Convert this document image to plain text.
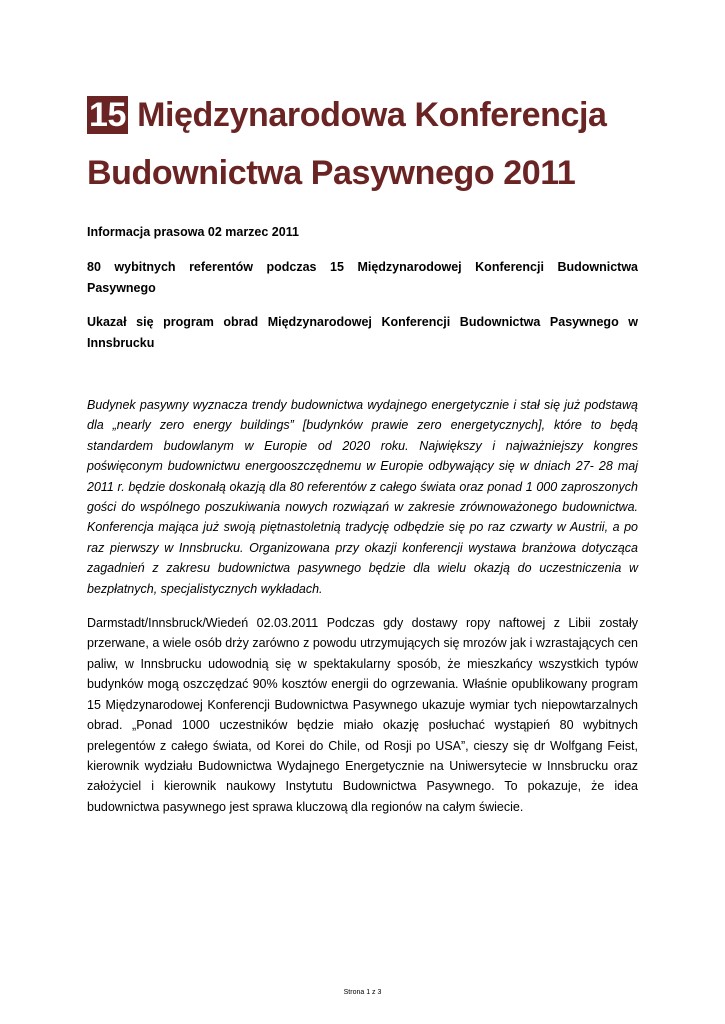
15 Międzynarodowa Konferencja Budownictwa Pasywnego 2011

Informacja prasowa 02 marzec 2011

80 wybitnych referentów podczas 15 Międzynarodowej Konferencji Budownictwa Pasywnego

Ukazał się program obrad Międzynarodowej Konferencji Budownictwa Pasywnego w Innsbrucku

Budynek pasywny wyznacza trendy budownictwa wydajnego energetycznie i stał się już podstawą dla „nearly zero energy buildings” [budynków prawie zero energetycznych], które to będą standardem budowlanym w Europie od 2020 roku. Największy i najważniejszy kongres poświęconym budownictwu energooszczędnemu w Europie odbywający się w dniach 27- 28 maj 2011 r. będzie doskonałą okazją dla 80 referentów z całego świata oraz ponad 1 000 zaproszonych gości do wspólnego poszukiwania nowych rozwiązań w zakresie zrównoważonego budownictwa. Konferencja mająca już swoją piętnastoletnią tradycję odbędzie się po raz czwarty w Austrii, a po raz pierwszy w Innsbrucku. Organizowana przy okazji konferencji wystawa branżowa dotycząca zagadnień z zakresu budownictwa pasywnego będzie dla wielu okazją do uczestniczenia w bezpłatnych, specjalistycznych wykładach.

Darmstadt/Innsbruck/Wiedeń 02.03.2011 Podczas gdy dostawy ropy naftowej z Libii zostały przerwane, a wiele osób drży zarówno z powodu utrzymujących się mrozów jak i wzrastających cen paliw, w Innsbrucku udowodnią się w spektakularny sposób, że mieszkańcy wszystkich typów budynków mogą oszczędzać 90% kosztów energii do ogrzewania. Właśnie opublikowany program 15 Międzynarodowej Konferencji Budownictwa Pasywnego ukazuje wymiar tych niepowtarzalnych obrad. „Ponad 1000 uczestników będzie miało okazję posłuchać wystąpień 80 wybitnych prelegentów z całego świata, od Korei do Chile, od Rosji po USA”, cieszy się dr Wolfgang Feist, kierownik wydziału Budownictwa Wydajnego Energetycznie na Uniwersytecie w Innsbrucku oraz założyciel i kierownik naukowy Instytutu Budownictwa Pasywnego. To pokazuje, że idea budownictwa pasywnego jest sprawa kluczową dla regionów na całym świecie.

Strona 1 z 3
